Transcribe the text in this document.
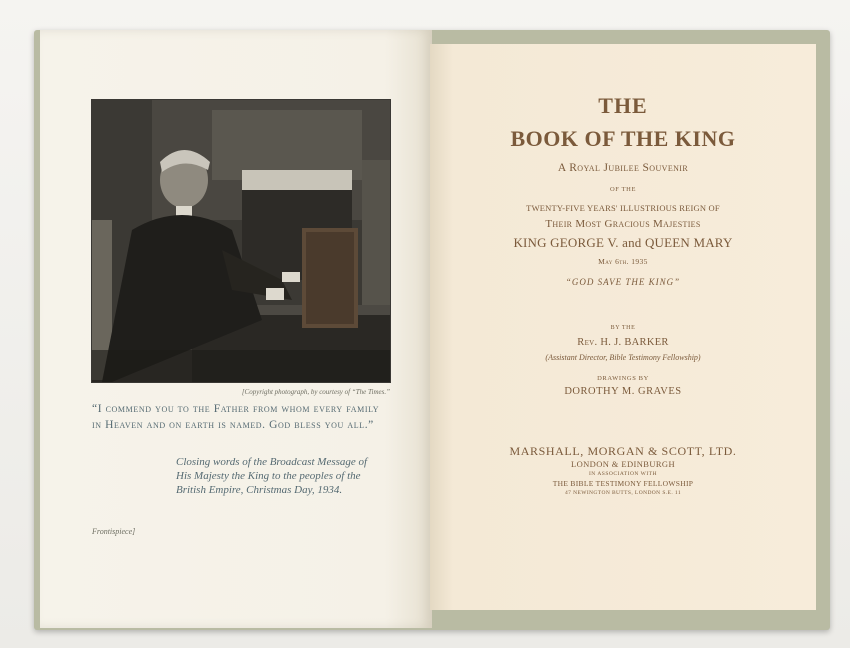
[Copyright photograph, by courtesy of “The Times.”
“I commend you to the Father from whom every family in Heaven and on earth is named. God bless you all.”
Closing words of the Broadcast Message of His Majesty the King to the peoples of the British Empire, Christmas Day, 1934.
Frontispiece]
THE
BOOK OF THE KING
A Royal Jubilee Souvenir
OF THE
TWENTY-FIVE YEARS' ILLUSTRIOUS REIGN OF
Their Most Gracious Majesties
KING GEORGE V. and QUEEN MARY
May 6th. 1935
“GOD SAVE THE KING”
BY THE
Rev. H. J. BARKER
(Assistant Director, Bible Testimony Fellowship)
DRAWINGS BY
DOROTHY M. GRAVES
MARSHALL, MORGAN & SCOTT, LTD.
LONDON & EDINBURGH
IN ASSOCIATION WITH
THE BIBLE TESTIMONY FELLOWSHIP
47 NEWINGTON BUTTS, LONDON S.E. 11
